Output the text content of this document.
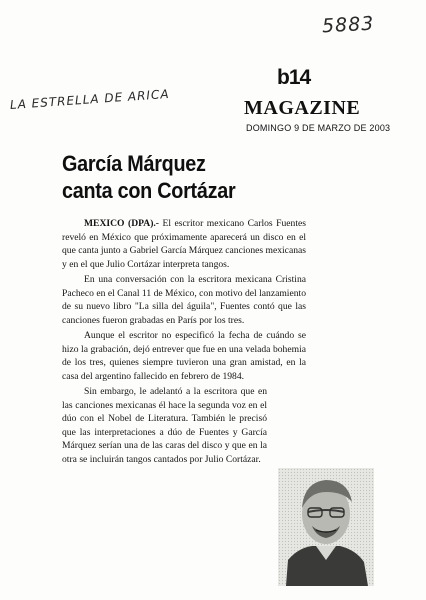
5883
LA ESTRELLA DE ARICA
b14
MAGAZINE
DOMINGO 9 DE MARZO DE 2003
García Márquez
canta con Cortázar

MEXICO (DPA).- El escritor mexicano Carlos Fuentes reveló en México que próximamente aparecerá un disco en el que canta junto a Gabriel García Márquez canciones mexicanas y en el que Julio Cortázar interpreta tangos.

En una conversación con la escritora mexicana Cristina Pacheco en el Canal 11 de México, con motivo del lanzamiento de su nuevo libro "La silla del águila", Fuentes contó que las canciones fueron grabadas en París por los tres.

Aunque el escritor no especificó la fecha de cuándo se hizo la grabación, dejó entrever que fue en una velada bohemia de los tres, quienes siempre tuvieron una gran amistad, en la casa del argentino fallecido en febrero de 1984.

Sin embargo, le adelantó a la escritora que en las canciones mexicanas él hace la segunda voz en el dúo con el Nobel de Literatura. También le precisó que las interpretaciones a dúo de Fuentes y García Márquez serían una de las caras del disco y que en la otra se incluirán tangos cantados por Julio Cortázar.
